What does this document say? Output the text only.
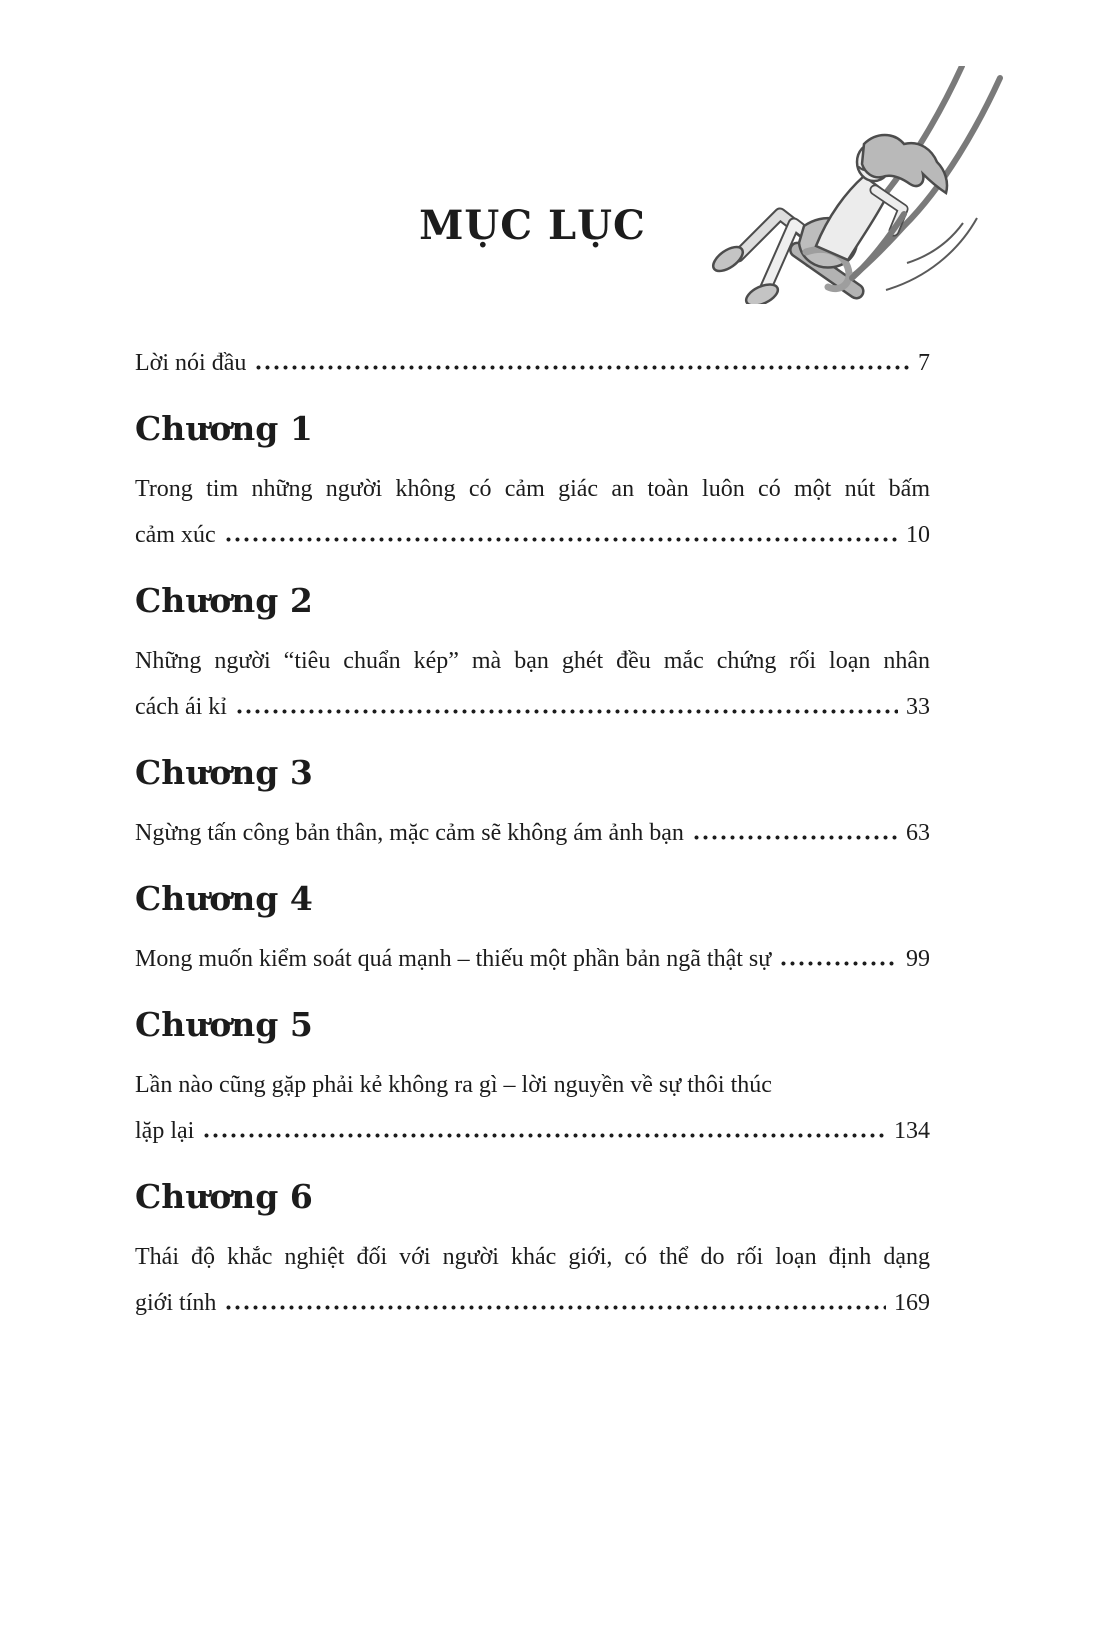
MỤC LỤC
Lời nói đầu	7
Chương 1

Trong tim những người không có cảm giác an toàn luôn có một nút bấm

cảm xúc	10
Chương 2

Những người “tiêu chuẩn kép” mà bạn ghét đều mắc chứng rối loạn nhân

cách ái kỉ	33
Chương 3
Ngừng tấn công bản thân, mặc cảm sẽ không ám ảnh bạn	63
Chương 4
Mong muốn kiểm soát quá mạnh – thiếu một phần bản ngã thật sự	99
Chương 5

Lần nào cũng gặp phải kẻ không ra gì – lời nguyền về sự thôi thúc

lặp lại	134
Chương 6

Thái độ khắc nghiệt đối với người khác giới, có thể do rối loạn định dạng

giới tính	169
